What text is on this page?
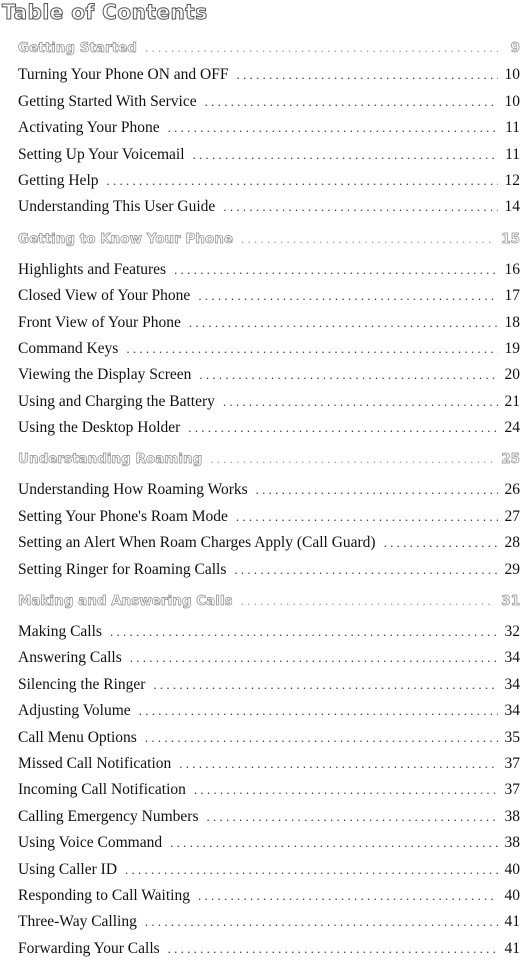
Table of Contents
Getting Started . . .	9
Turning Your Phone ON and OFF . . .	10
Getting Started With Service . . .	10
Activating Your Phone . . .	11
Setting Up Your Voicemail . . .	11
Getting Help . . .	12
Understanding This User Guide . . .	14
Getting to Know Your Phone . . .	15
Highlights and Features . . .	16
Closed View of Your Phone . . .	17
Front View of Your Phone . . .	18
Command Keys . . .	19
Viewing the Display Screen . . .	20
Using and Charging the Battery . . .	21
Using the Desktop Holder . . .	24
Understanding Roaming . . .	25
Understanding How Roaming Works . . .	26
Setting Your Phone's Roam Mode . . .	27
Setting an Alert When Roam Charges Apply (Call Guard) . . .	28
Setting Ringer for Roaming Calls . . .	29
Making and Answering Calls . . .	31
Making Calls . . .	32
Answering Calls . . .	34
Silencing the Ringer . . .	34
Adjusting Volume . . .	34
Call Menu Options . . .	35
Missed Call Notification . . .	37
Incoming Call Notification . . .	37
Calling Emergency Numbers . . .	38
Using Voice Command . . .	38
Using Caller ID . . .	40
Responding to Call Waiting . . .	40
Three-Way Calling . . .	41
Forwarding Your Calls . . .	41
